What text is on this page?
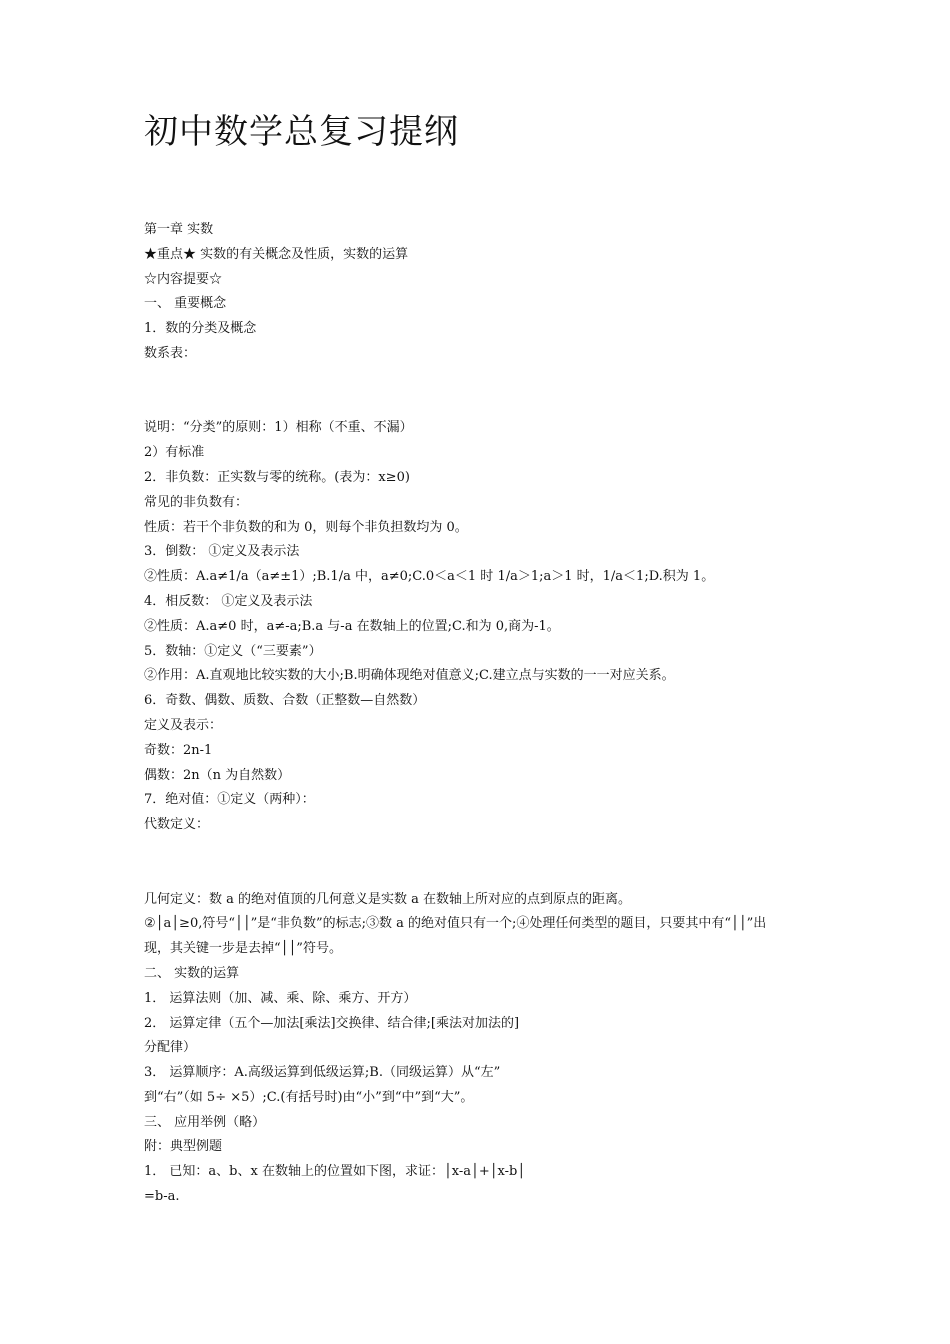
初中数学总复习提纲
第一章 实数
★重点★ 实数的有关概念及性质，实数的运算
☆内容提要☆
一、 重要概念
1．数的分类及概念
数系表：
说明：“分类”的原则：1）相称（不重、不漏）
2）有标准
2．非负数：正实数与零的统称。(表为：x≥0)
常见的非负数有：
性质：若干个非负数的和为 0，则每个非负担数均为 0。
3．倒数： ①定义及表示法
②性质：A.a≠1/a（a≠±1）;B.1/a 中，a≠0;C.0＜a＜1 时 1/a＞1;a＞1 时，1/a＜1;D.积为 1。
4．相反数： ①定义及表示法
②性质：A.a≠0 时，a≠-a;B.a 与-a 在数轴上的位置;C.和为 0,商为-1。
5．数轴：①定义（“三要素”）
②作用：A.直观地比较实数的大小;B.明确体现绝对值意义;C.建立点与实数的一一对应关系。
6．奇数、偶数、质数、合数（正整数—自然数）
定义及表示：
奇数：2n-1
偶数：2n（n 为自然数）
7．绝对值：①定义（两种）：
代数定义：
几何定义：数 a 的绝对值顶的几何意义是实数 a 在数轴上所对应的点到原点的距离。
②│a│≥0,符号“││”是“非负数”的标志;③数 a 的绝对值只有一个;④处理任何类型的题目，只要其中有“││”出
现，其关键一步是去掉“││”符号。
二、 实数的运算
1． 运算法则（加、减、乘、除、乘方、开方）
2． 运算定律（五个—加法[乘法]交换律、结合律;[乘法对加法的]
分配律）
3． 运算顺序：A.高级运算到低级运算;B.（同级运算）从“左”
到“右”（如 5÷ ×5）;C.(有括号时)由“小”到“中”到“大”。
三、 应用举例（略）
附：典型例题
1． 已知：a、b、x 在数轴上的位置如下图，求证：│x-a│+│x-b│
=b-a.
